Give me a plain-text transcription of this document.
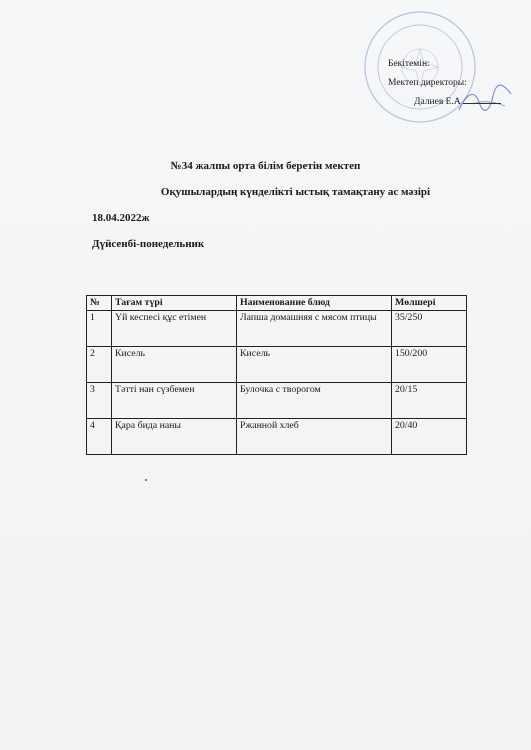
Бекітемін:
Мектеп директоры:
Далиев Е.А
№34 жалпы орта білім беретін мектеп
Оқушылардың күнделікті ыстық тамақтану ас мәзірі
18.04.2022ж
Дүйсенбі-понедельник
№	Тағам түрі	Наименование блюд	Мөлшері
1	Үй кеспесі құс етімен	Лапша домашняя с мясом птицы	35/250
2	Кисель	Кисель	150/200
3	Тәтті нан сүзбемен	Булочка с творогом	20/15
4	Қара бида наны	Ржанной хлеб	20/40
